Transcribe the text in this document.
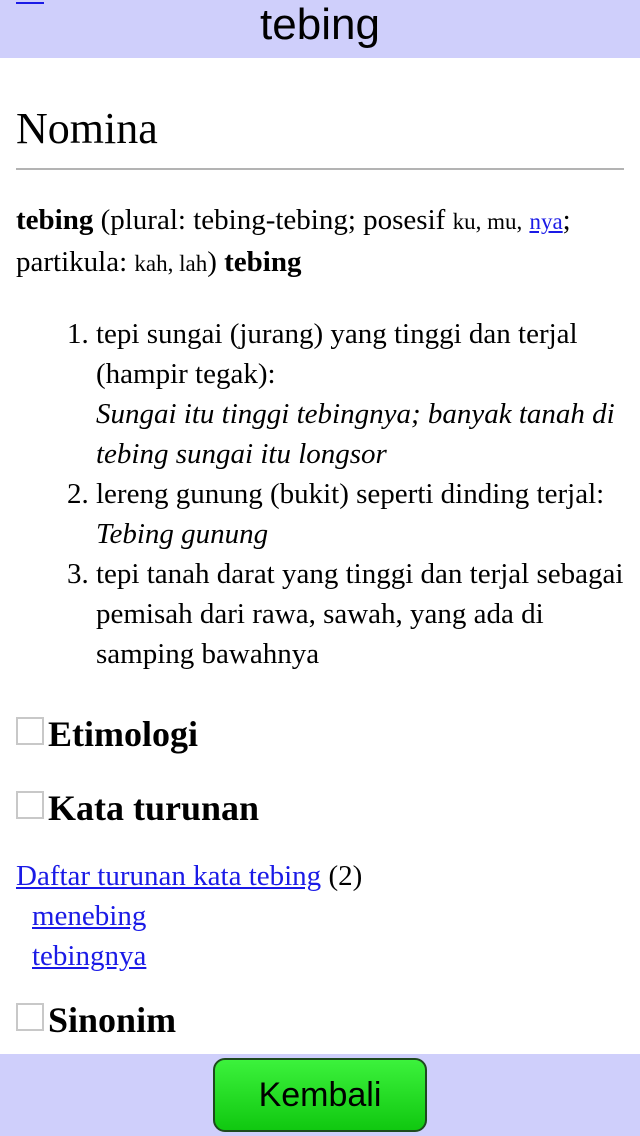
tebing
Nomina

tebing (plural: tebing-tebing; posesif ku, mu, nya; partikula: kah, lah) tebing

1. tepi sungai (jurang) yang tinggi dan terjal (hampir tegak):
Sungai itu tinggi tebingnya; banyak tanah di tebing sungai itu longsor
2. lereng gunung (bukit) seperti dinding terjal:
Tebing gunung
3. tepi tanah darat yang tinggi dan terjal sebagai pemisah dari rawa, sawah, yang ada di samping bawahnya
Etimologi
Kata turunan
Daftar turunan kata tebing (2)
menebing
tebingnya
Sinonim
Kembali
